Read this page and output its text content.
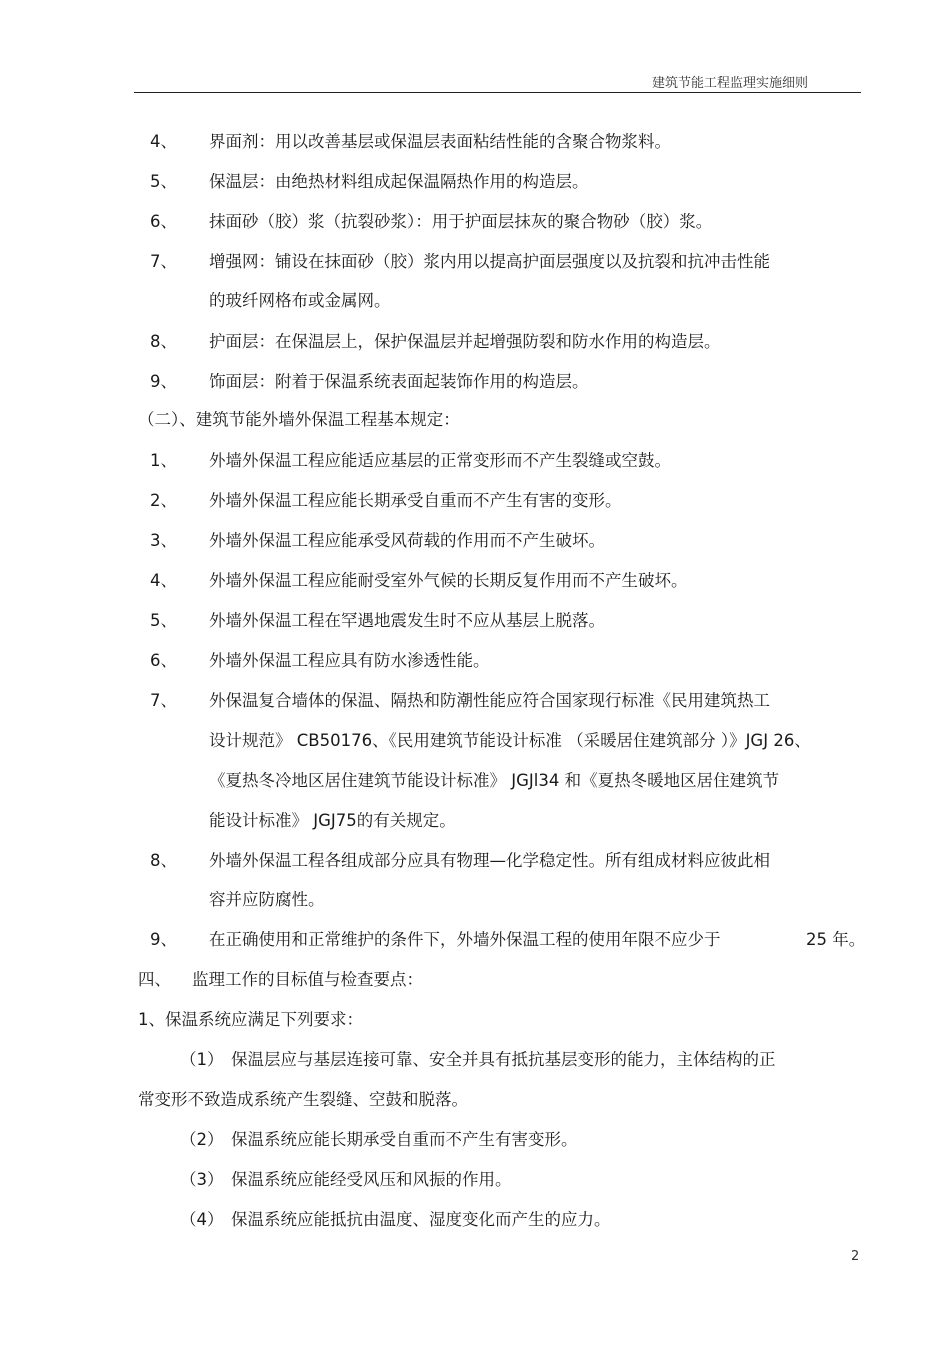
建筑节能工程监理实施细则
4、 界面剂：用以改善基层或保温层表面粘结性能的含聚合物浆料。
5、 保温层：由绝热材料组成起保温隔热作用的构造层。
6、 抹面砂（胶）浆（抗裂砂浆）：用于护面层抹灰的聚合物砂（胶）浆。
7、 增强网：铺设在抹面砂（胶）浆内用以提高护面层强度以及抗裂和抗冲击性能
的玻纤网格布或金属网。
8、 护面层：在保温层上，保护保温层并起增强防裂和防水作用的构造层。
9、 饰面层：附着于保温系统表面起装饰作用的构造层。
（二）、建筑节能外墙外保温工程基本规定：
1、 外墙外保温工程应能适应基层的正常变形而不产生裂缝或空鼓。
2、 外墙外保温工程应能长期承受自重而不产生有害的变形。
3、 外墙外保温工程应能承受风荷载的作用而不产生破坏。
4、 外墙外保温工程应能耐受室外气候的长期反复作用而不产生破坏。
5、 外墙外保温工程在罕遇地震发生时不应从基层上脱落。
6、 外墙外保温工程应具有防水渗透性能。
7、 外保温复合墙体的保温、隔热和防潮性能应符合国家现行标准《民用建筑热工
设计规范》 CB50176、《民用建筑节能设计标准 （采暖居住建筑部分 ）》JGJ 26、
《夏热冬冷地区居住建筑节能设计标准》 JGJl34 和《夏热冬暖地区居住建筑节
能设计标准》 JGJ75的有关规定。
8、 外墙外保温工程各组成部分应具有物理—化学稳定性。所有组成材料应彼此相
容并应防腐性。
9、 在正确使用和正常维护的条件下，外墙外保温工程的使用年限不应少于	25 年。
四、    监理工作的目标值与检查要点：
1、保温系统应满足下列要求：
（1） 保温层应与基层连接可靠、安全并具有抵抗基层变形的能力，主体结构的正
常变形不致造成系统产生裂缝、空鼓和脱落。
（2） 保温系统应能长期承受自重而不产生有害变形。
（3） 保温系统应能经受风压和风振的作用。
（4） 保温系统应能抵抗由温度、湿度变化而产生的应力。
2
